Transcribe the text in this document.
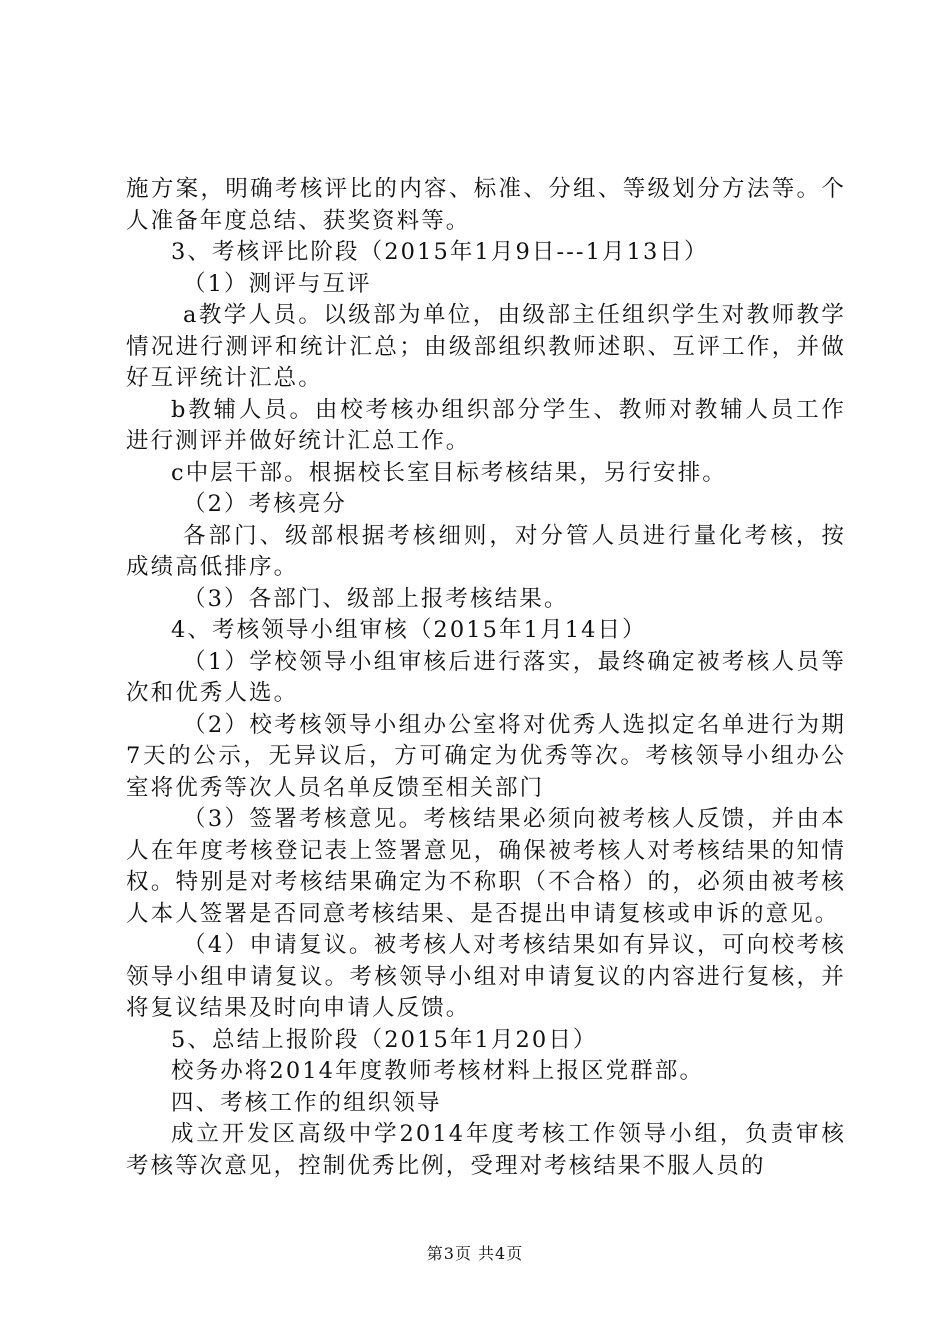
施方案，明确考核评比的内容、标准、分组、等级划分方法等。个人准备年度总结、获奖资料等。

3、考核评比阶段（2015年1月9日---1月13日）

（1）测评与互评

a教学人员。以级部为单位，由级部主任组织学生对教师教学情况进行测评和统计汇总；由级部组织教师述职、互评工作，并做好互评统计汇总。

b教辅人员。由校考核办组织部分学生、教师对教辅人员工作进行测评并做好统计汇总工作。

c中层干部。根据校长室目标考核结果，另行安排。

（2）考核亮分

各部门、级部根据考核细则，对分管人员进行量化考核，按成绩高低排序。

（3）各部门、级部上报考核结果。

4、考核领导小组审核（2015年1月14日）

（1）学校领导小组审核后进行落实，最终确定被考核人员等次和优秀人选。

（2）校考核领导小组办公室将对优秀人选拟定名单进行为期7天的公示，无异议后，方可确定为优秀等次。考核领导小组办公室将优秀等次人员名单反馈至相关部门

（3）签署考核意见。考核结果必须向被考核人反馈，并由本人在年度考核登记表上签署意见，确保被考核人对考核结果的知情权。特别是对考核结果确定为不称职（不合格）的，必须由被考核人本人签署是否同意考核结果、是否提出申请复核或申诉的意见。

（4）申请复议。被考核人对考核结果如有异议，可向校考核领导小组申请复议。考核领导小组对申请复议的内容进行复核，并将复议结果及时向申请人反馈。

5、总结上报阶段（2015年1月20日）

校务办将2014年度教师考核材料上报区党群部。

四、考核工作的组织领导

成立开发区高级中学2014年度考核工作领导小组，负责审核考核等次意见，控制优秀比例，受理对考核结果不服人员的

第3页 共4页
